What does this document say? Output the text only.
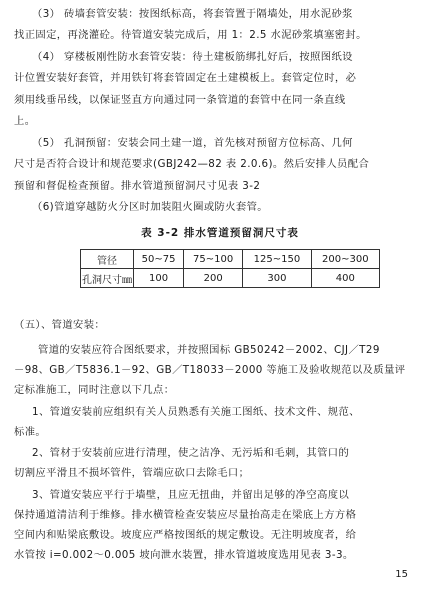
（3） 砖墙套管安装：按图纸标高，将套管置于隔墙处，用水泥砂浆
找正固定，再浇灌砼。待管道安装完成后，用 1：2.5 水泥砂浆填塞密封。
（4） 穿楼板刚性防水套管安装：待土建板筋绑扎好后，按照图纸设
计位置安装好套管，并用铁钉将套管固定在土建模板上。套管定位时，必
须用线垂吊线，以保证竖直方向通过同一条管道的套管中在同一条直线
上。
（5） 孔洞预留：安装会同土建一道，首先核对预留方位标高、几何
尺寸是否符合设计和规范要求(GBJ242—82 表 2.0.6)。然后安排人员配合
预留和督促检查预留。排水管道预留洞尺寸见表 3-2
（6)管道穿越防火分区时加装阻火圈或防火套管。
表 3-2 排水管道预留洞尺寸表
管径	50~75	75~100	125~150	200~300
孔洞尺寸㎜	100	200	300	400
（五）、管道安装：
管道的安装应符合图纸要求，并按照国标 GB50242－2002、CJJ／T29
－98、GB／T5836.1－92、GB／T18033－2000 等施工及验收规范以及质量评
定标准施工，同时注意以下几点：
1、管道安装前应组织有关人员熟悉有关施工图纸、技术文件、规范、
标准。
2、管材于安装前应进行清理，使之洁净、无污垢和毛刺，其管口的
切割应平滑且不损坏管件，管端应砍口去除毛口；
3、管道安装应平行于墙壁，且应无扭曲，并留出足够的净空高度以
保持通道清洁利于维修。排水横管检查安装应尽量抬高走在梁底上方方格
空间内和贴梁底敷设。坡度应严格按图纸的规定敷设。无注明坡度者，给
水管按 i=0.002～0.005 坡向泄水装置，排水管道坡度选用见表 3-3。
15
